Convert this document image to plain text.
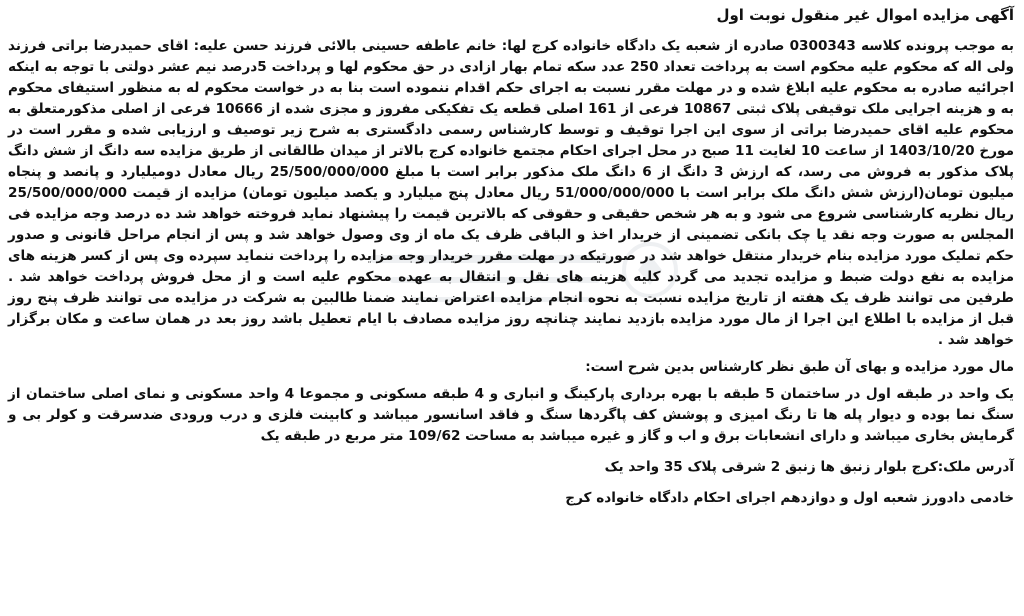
آگهی مزایده اموال غیر منقول نوبت اول

به موجب پرونده کلاسه 0300343 صادره از شعبه یک دادگاه خانواده کرج لها: خانم عاطفه حسینی بالائی فرزند حسن علیه: اقای حمیدرضا براتی فرزند ولی اله که محکوم علیه محکوم است به پرداخت تعداد 250 عدد سکه تمام بهار ازادی در حق محکوم لها و پرداخت 5درصد نیم عشر دولتی با توجه به اینکه اجرائیه صادره به محکوم علیه ابلاغ شده و در مهلت مقرر نسبت به اجرای حکم اقدام ننموده است بنا به در خواست محکوم له به منظور استیفای محکوم به و هزینه اجرایی ملک توقیفی پلاک ثبتی 10867 فرعی از 161 اصلی قطعه یک تفکیکی مفروز و مجزی شده از 10666 فرعی از اصلی مذکورمتعلق به محکوم علیه اقای حمیدرضا براتی از سوی این اجرا توقیف و توسط کارشناس رسمی دادگستری به شرح زیر توصیف و ارزیابی شده و مقرر است در مورخ 1403/10/20 از ساعت 10 لغایت 11 صبح در محل اجرای احکام مجتمع خانواده کرج بالاتر از میدان طالقانی از طریق مزایده سه دانگ از شش دانگ پلاک مذکور به فروش می رسد، که ارزش 3 دانگ از 6 دانگ ملک مذکور برابر است با مبلغ 25/500/000/000 ریال معادل دومیلیارد و پانصد و پنجاه میلیون تومان(ارزش شش دانگ ملک برابر است با 51/000/000/000 ریال معادل پنج میلیارد و یکصد میلیون تومان) مزایده از قیمت 25/500/000/000 ریال نظریه کارشناسی شروع می شود و به هر شخص حقیقی و حقوقی که بالاترین قیمت را پیشنهاد نماید فروخته خواهد شد ده درصد وجه مزایده فی المجلس به صورت وجه نقد یا چک بانکی تضمینی از خریدار اخذ و الباقی ظرف یک ماه از وی وصول خواهد شد و پس از انجام مراحل قانونی و صدور حکم تملیک مورد مزایده بنام خریدار منتقل خواهد شد در صورتیکه در مهلت مقرر خریدار وجه مزایده را پرداخت ننماید سپرده وی پس از کسر هزینه های مزایده به نفع دولت ضبط و مزایده تجدید می گردد کلیه هزینه های نقل و انتقال به عهده محکوم علیه است و از محل فروش پرداخت خواهد شد . طرفین می توانند ظرف یک هفته از تاریخ مزایده نسبت به نحوه انجام مزایده اعتراض نمایند ضمنا طالبین به شرکت در مزایده می توانند ظرف پنج روز قبل از مزایده با اطلاع این اجرا از مال مورد مزایده بازدید نمایند چنانچه روز مزایده مصادف با ایام تعطیل باشد روز بعد در همان ساعت و مکان برگزار خواهد شد .

مال مورد مزایده و بهای آن طبق نظر کارشناس بدین شرح است:

یک واحد در طبقه اول در ساختمان 5 طبقه با بهره برداری پارکینگ و انباری و 4 طبقه مسکونی و مجموعا 4 واحد مسکونی و نمای اصلی ساختمان از سنگ نما بوده و دیوار پله ها تا رنگ امیزی و پوشش کف پاگردها سنگ و فاقد اسانسور میباشد و کابینت فلزی و درب ورودی ضدسرقت و کولر بی و گرمایش بخاری میباشد و دارای انشعابات برق و اب و گاز و غیره میباشد به مساحت 109/62 متر مربع در طبقه یک

آدرس ملک:کرج بلوار زنبق ها زنبق 2 شرقی پلاک 35 واحد یک

خادمی دادورز شعبه اول و دوازدهم اجرای احکام دادگاه خانواده کرج
